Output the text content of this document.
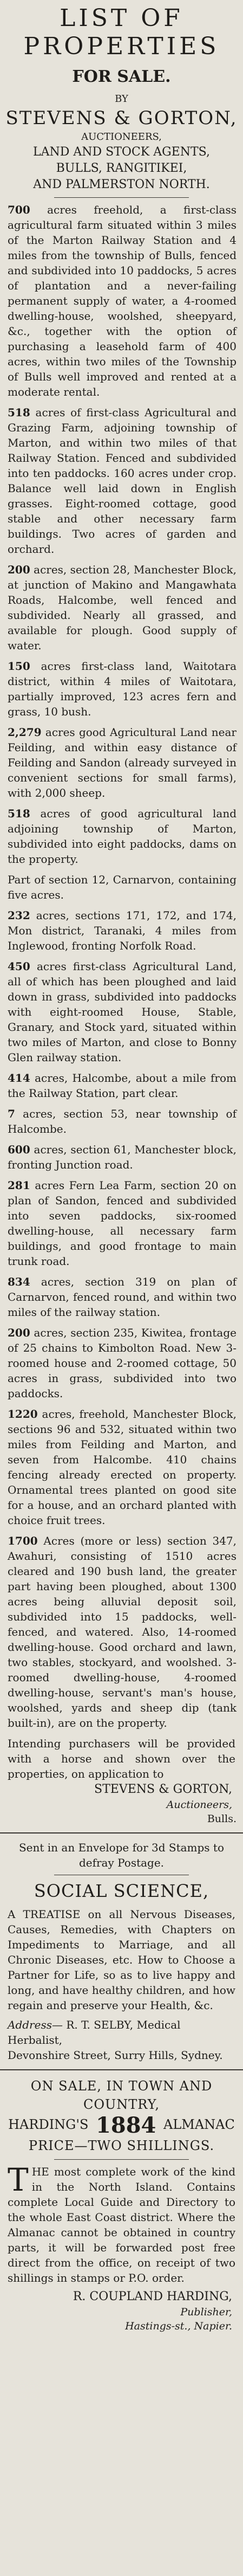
LIST OF PROPERTIES
FOR SALE.
BY
STEVENS & GORTON,
AUCTIONEERS,
LAND AND STOCK AGENTS,
BULLS, RANGITIKEI,
AND PALMERSTON NORTH.
700 acres freehold, a first-class agricultural farm situated within 3 miles of the Marton Railway Station and 4 miles from the township of Bulls, fenced and subdivided into 10 paddocks, 5 acres of plantation and a never-failing permanent supply of water, a 4-roomed dwelling-house, woolshed, sheepyard, &c., together with the option of purchasing a leasehold farm of 400 acres, within two miles of the Township of Bulls well improved and rented at a moderate rental.
518 acres of first-class Agricultural and Grazing Farm, adjoining township of Marton, and within two miles of that Railway Station. Fenced and subdivided into ten paddocks. 160 acres under crop. Balance well laid down in English grasses. Eight-roomed cottage, good stable and other necessary farm buildings. Two acres of garden and orchard.
200 acres, section 28, Manchester Block, at junction of Makino and Mangawhata Roads, Halcombe, well fenced and subdivided. Nearly all grassed, and available for plough. Good supply of water.
150 acres first-class land, Waitotara district, within 4 miles of Waitotara, partially improved, 123 acres fern and grass, 10 bush.
2,279 acres good Agricultural Land near Feilding, and within easy distance of Feilding and Sandon (already surveyed in convenient sections for small farms), with 2,000 sheep.
518 acres of good agricultural land adjoining township of Marton, subdivided into eight paddocks, dams on the property.
Part of section 12, Carnarvon, containing five acres.
232 acres, sections 171, 172, and 174, Mon district, Taranaki, 4 miles from Inglewood, fronting Norfolk Road.
450 acres first-class Agricultural Land, all of which has been ploughed and laid down in grass, subdivided into paddocks with eight-roomed House, Stable, Granary, and Stock yard, situated within two miles of Marton, and close to Bonny Glen railway station.
414 acres, Halcombe, about a mile from the Railway Station, part clear.
7 acres, section 53, near township of Halcombe.
600 acres, section 61, Manchester block, fronting Junction road.
281 acres Fern Lea Farm, section 20 on plan of Sandon, fenced and subdivided into seven paddocks, six-roomed dwelling-house, all necessary farm buildings, and good frontage to main trunk road.
834 acres, section 319 on plan of Carnarvon, fenced round, and within two miles of the railway station.
200 acres, section 235, Kiwitea, frontage of 25 chains to Kimbolton Road. New 3-roomed house and 2-roomed cottage, 50 acres in grass, subdivided into two paddocks.
1220 acres, freehold, Manchester Block, sections 96 and 532, situated within two miles from Feilding and Marton, and seven from Halcombe. 410 chains fencing already erected on property. Ornamental trees planted on good site for a house, and an orchard planted with choice fruit trees.
1700 Acres (more or less) section 347, Awahuri, consisting of 1510 acres cleared and 190 bush land, the greater part having been ploughed, about 1300 acres being alluvial deposit soil, subdivided into 15 paddocks, well-fenced, and watered. Also, 14-roomed dwelling-house. Good orchard and lawn, two stables, stockyard, and woolshed. 3-roomed dwelling-house, 4-roomed dwelling-house, servant's man's house, woolshed, yards and sheep dip (tank built-in), are on the property.
Intending purchasers will be provided with a horse and shown over the properties, on application to
STEVENS & GORTON,
Auctioneers,
Bulls.
Sent in an Envelope for 3d Stamps to defray Postage.
SOCIAL SCIENCE,
A TREATISE on all Nervous Diseases, Causes, Remedies, with Chapters on Impediments to Marriage, and all Chronic Diseases, etc. How to Choose a Partner for Life, so as to live happy and long, and have healthy children, and how regain and preserve your Health, &c.
Address— R. T. SELBY, Medical Herbalist,
Devonshire Street, Surry Hills, Sydney.
ON SALE, IN TOWN AND COUNTRY,
HARDING'S 1884 ALMANAC
PRICE—TWO SHILLINGS.
T HE most complete work of the kind in the North Island. Contains complete Local Guide and Directory to the whole East Coast district. Where the Almanac cannot be obtained in country parts, it will be forwarded post free direct from the office, on receipt of two shillings in stamps or P.O. order.
R. COUPLAND HARDING,
Publisher,
Hastings-st., Napier.
